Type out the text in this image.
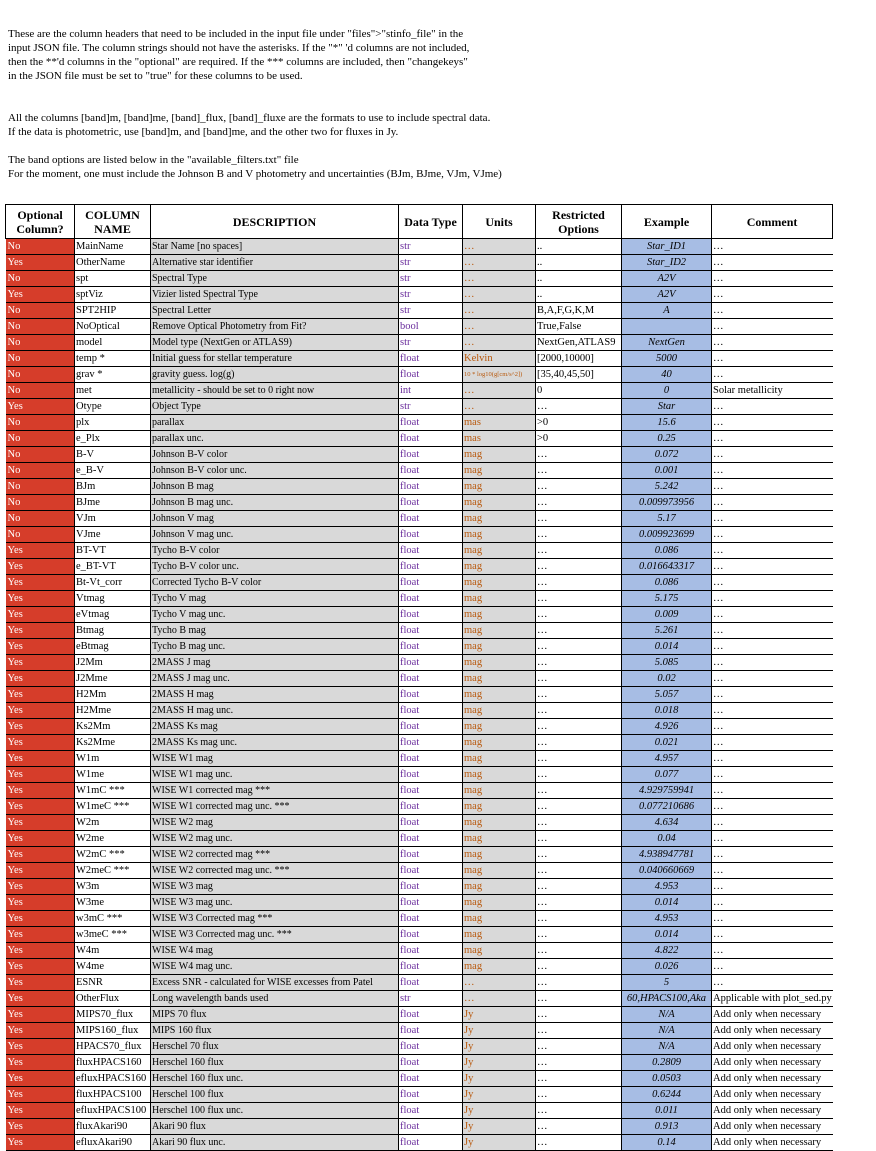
These are the column headers that need to be included in the input file under "files">"stinfo_file" in the
input JSON file. The column strings should not have the asterisks. If the "*" 'd columns are not included,
then the **'d columns in the "optional" are required. If the *** columns are included, then "changekeys"
in the JSON file must be set to "true" for these columns to be used.

All the columns [band]m, [band]me, [band]_flux, [band]_fluxe are the formats to use to include spectral data.
If the data is photometric, use [band]m, and [band]me, and the other two for fluxes in Jy.

The band options are listed below in the "available_filters.txt" file
For the moment, one must include the Johnson B and V photometry and uncertainties (BJm, BJme, VJm, VJme)

Optional Column?	COLUMN NAME	DESCRIPTION	Data Type	Units	Restricted Options	Example	Comment
No	MainName	Star Name [no spaces]	str	…	..	Star_ID1	…
Yes	OtherName	Alternative star identifier	str	…	..	Star_ID2	…
No	spt	Spectral Type	str	…	..	A2V	…
Yes	sptViz	Vizier listed Spectral Type	str	…	..	A2V	…
No	SPT2HIP	Spectral Letter	str	…	B,A,F,G,K,M	A	…
No	NoOptical	Remove Optical Photometry from Fit?	bool	…	True,False		…
No	model	Model type (NextGen or ATLAS9)	str	…	NextGen,ATLAS9	NextGen	…
No	temp *	Initial guess for stellar temperature	float	Kelvin	[2000,10000]	5000	…
No	grav *	gravity guess. log(g)	float	10 * log10(g[cm/s^2])	[35,40,45,50]	40	…
No	met	metallicity - should be set to 0 right now	int	…	0	0	Solar metallicity
Yes	Otype	Object Type	str	…	…	Star	…
No	plx	parallax	float	mas	>0	15.6	…
No	e_Plx	parallax unc.	float	mas	>0	0.25	…
No	B-V	Johnson B-V color	float	mag	…	0.072	…
No	e_B-V	Johnson B-V color unc.	float	mag	…	0.001	…
No	BJm	Johnson B mag	float	mag	…	5.242	…
No	BJme	Johnson B mag unc.	float	mag	…	0.009973956	…
No	VJm	Johnson V mag	float	mag	…	5.17	…
No	VJme	Johnson V mag unc.	float	mag	…	0.009923699	…
Yes	BT-VT	Tycho B-V color	float	mag	…	0.086	…
Yes	e_BT-VT	Tycho B-V color unc.	float	mag	…	0.016643317	…
Yes	Bt-Vt_corr	Corrected Tycho B-V color	float	mag	…	0.086	…
Yes	Vtmag	Tycho V mag	float	mag	…	5.175	…
Yes	eVtmag	Tycho V mag unc.	float	mag	…	0.009	…
Yes	Btmag	Tycho B mag	float	mag	…	5.261	…
Yes	eBtmag	Tycho B mag unc.	float	mag	…	0.014	…
Yes	J2Mm	2MASS J mag	float	mag	…	5.085	…
Yes	J2Mme	2MASS J mag unc.	float	mag	…	0.02	…
Yes	H2Mm	2MASS H mag	float	mag	…	5.057	…
Yes	H2Mme	2MASS H mag unc.	float	mag	…	0.018	…
Yes	Ks2Mm	2MASS Ks mag	float	mag	…	4.926	…
Yes	Ks2Mme	2MASS Ks mag unc.	float	mag	…	0.021	…
Yes	W1m	WISE W1 mag	float	mag	…	4.957	…
Yes	W1me	WISE W1 mag unc.	float	mag	…	0.077	…
Yes	W1mC ***	WISE W1 corrected mag ***	float	mag	…	4.929759941	…
Yes	W1meC ***	WISE W1 corrected mag unc. ***	float	mag	…	0.077210686	…
Yes	W2m	WISE W2 mag	float	mag	…	4.634	…
Yes	W2me	WISE W2 mag unc.	float	mag	…	0.04	…
Yes	W2mC ***	WISE W2 corrected mag ***	float	mag	…	4.938947781	…
Yes	W2meC ***	WISE W2 corrected mag unc. ***	float	mag	…	0.040660669	…
Yes	W3m	WISE W3 mag	float	mag	…	4.953	…
Yes	W3me	WISE W3 mag unc.	float	mag	…	0.014	…
Yes	w3mC ***	WISE W3 Corrected mag ***	float	mag	…	4.953	…
Yes	w3meC ***	WISE W3 Corrected mag unc. ***	float	mag	…	0.014	…
Yes	W4m	WISE W4 mag	float	mag	…	4.822	…
Yes	W4me	WISE W4 mag unc.	float	mag	…	0.026	…
Yes	ESNR	Excess SNR - calculated for WISE excesses from Patel	float	…	…	5	…
Yes	OtherFlux	Long wavelength bands used	str	…	…	60,HPACS100,Aka	Applicable with plot_sed.py
Yes	MIPS70_flux	MIPS 70 flux	float	Jy	…	N/A	Add only when necessary
Yes	MIPS160_flux	MIPS 160 flux	float	Jy	…	N/A	Add only when necessary
Yes	HPACS70_flux	Herschel 70 flux	float	Jy	…	N/A	Add only when necessary
Yes	fluxHPACS160	Herschel 160 flux	float	Jy	…	0.2809	Add only when necessary
Yes	efluxHPACS160	Herschel 160 flux unc.	float	Jy	…	0.0503	Add only when necessary
Yes	fluxHPACS100	Herschel 100 flux	float	Jy	…	0.6244	Add only when necessary
Yes	efluxHPACS100	Herschel 100 flux unc.	float	Jy	…	0.011	Add only when necessary
Yes	fluxAkari90	Akari 90 flux	float	Jy	…	0.913	Add only when necessary
Yes	efluxAkari90	Akari 90 flux unc.	float	Jy	…	0.14	Add only when necessary
